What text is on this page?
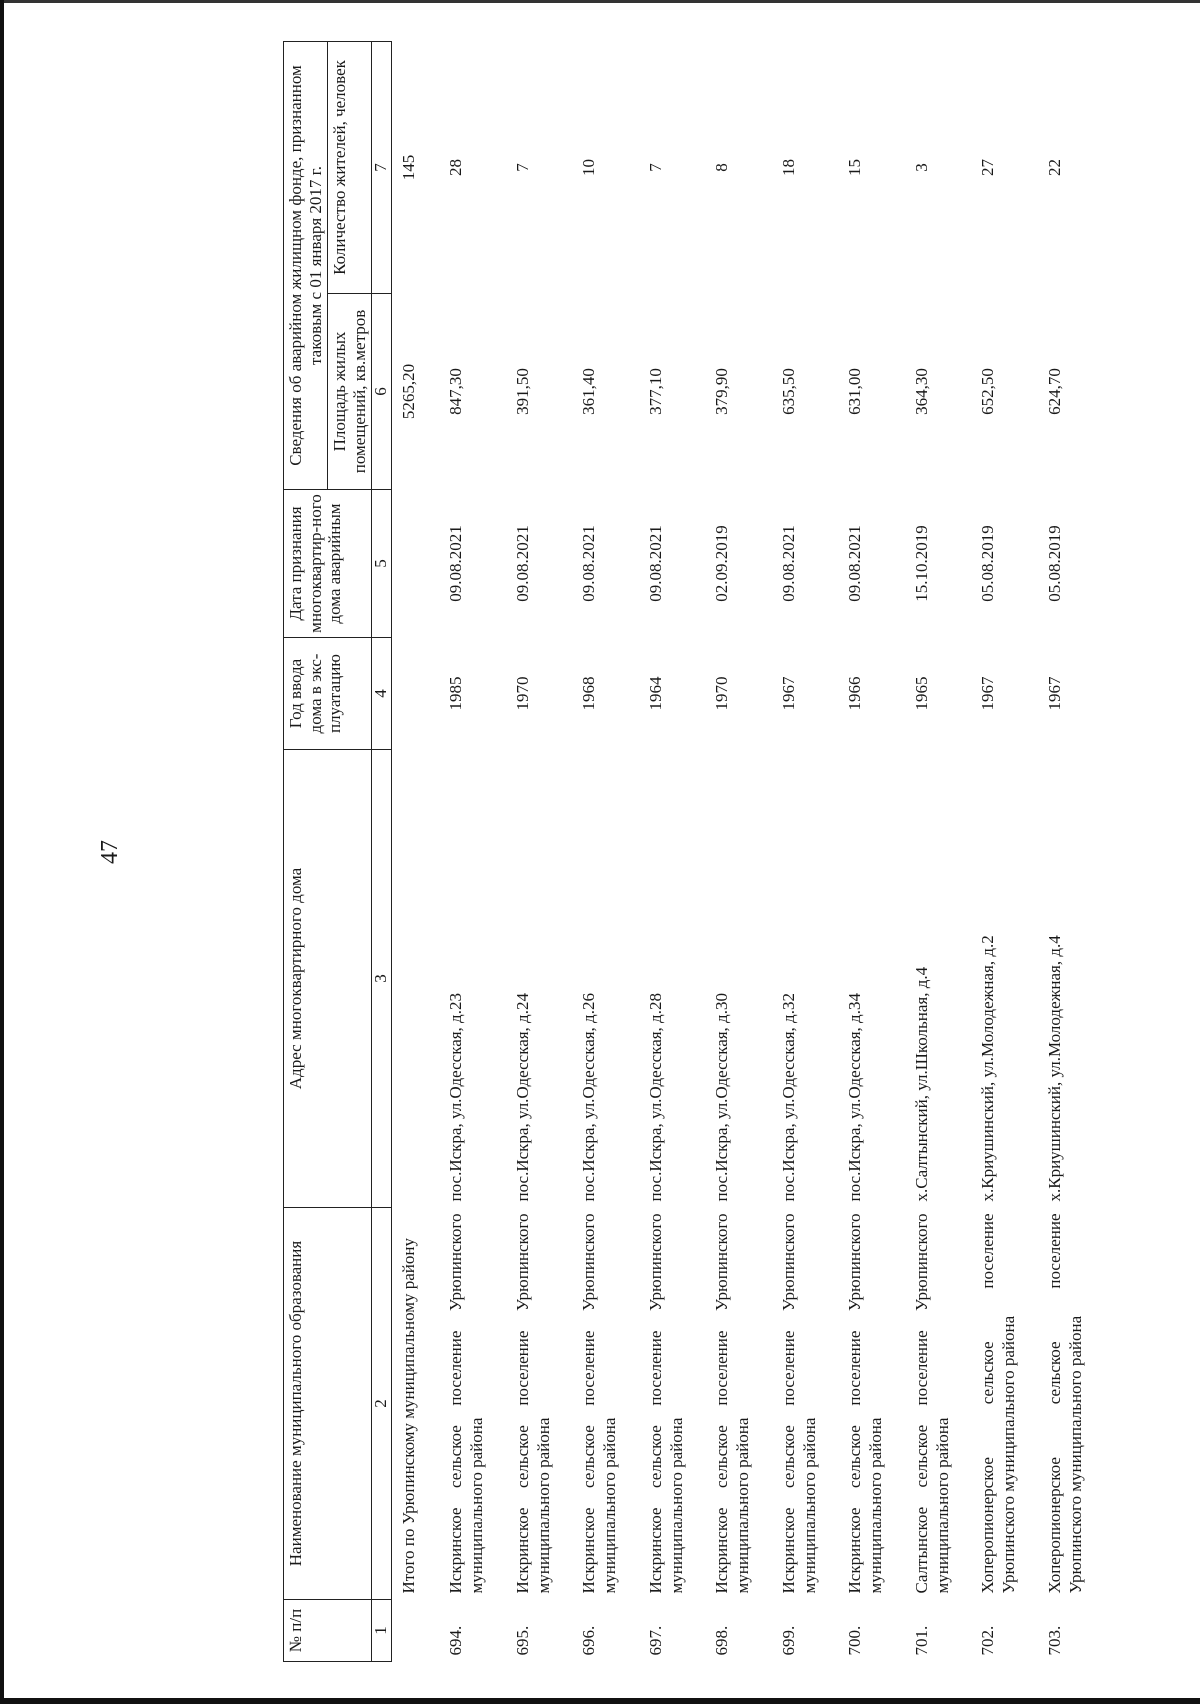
47
№ п/п	Наименование муниципального образования	Адрес многоквартирного дома	Год ввода дома в экс-плуатацию	Дата признания многоквартир-ного дома аварийным	Сведения об аварийном жилищном фонде, признанном таковым с 01 января 2017 г.	
					Площадь жилых помещений, кв.метров	Количество жителей, человек
1	2	3	4	5	6	7
	Итого по Урюпинскому муниципальному району				5265,20	145
694.	Искринское сельское поселение Урюпинского муниципального района	пос.Искра, ул.Одесская, д.23	1985	09.08.2021	847,30	28
695.	Искринское сельское поселение Урюпинского муниципального района	пос.Искра, ул.Одесская, д.24	1970	09.08.2021	391,50	7
696.	Искринское сельское поселение Урюпинского муниципального района	пос.Искра, ул.Одесская, д.26	1968	09.08.2021	361,40	10
697.	Искринское сельское поселение Урюпинского муниципального района	пос.Искра, ул.Одесская, д.28	1964	09.08.2021	377,10	7
698.	Искринское сельское поселение Урюпинского муниципального района	пос.Искра, ул.Одесская, д.30	1970	02.09.2019	379,90	8
699.	Искринское сельское поселение Урюпинского муниципального района	пос.Искра, ул.Одесская, д.32	1967	09.08.2021	635,50	18
700.	Искринское сельское поселение Урюпинского муниципального района	пос.Искра, ул.Одесская, д.34	1966	09.08.2021	631,00	15
701.	Салтынское сельское поселение Урюпинского муниципального района	х.Салтынский, ул.Школьная, д.4	1965	15.10.2019	364,30	3
702.	Хоперопионерское сельское поселение Урюпинского муниципального района	х.Криушинский, ул.Молодежная, д.2	1967	05.08.2019	652,50	27
703.	Хоперопионерское сельское поселение Урюпинского муниципального района	х.Криушинский, ул.Молодежная, д.4	1967	05.08.2019	624,70	22
